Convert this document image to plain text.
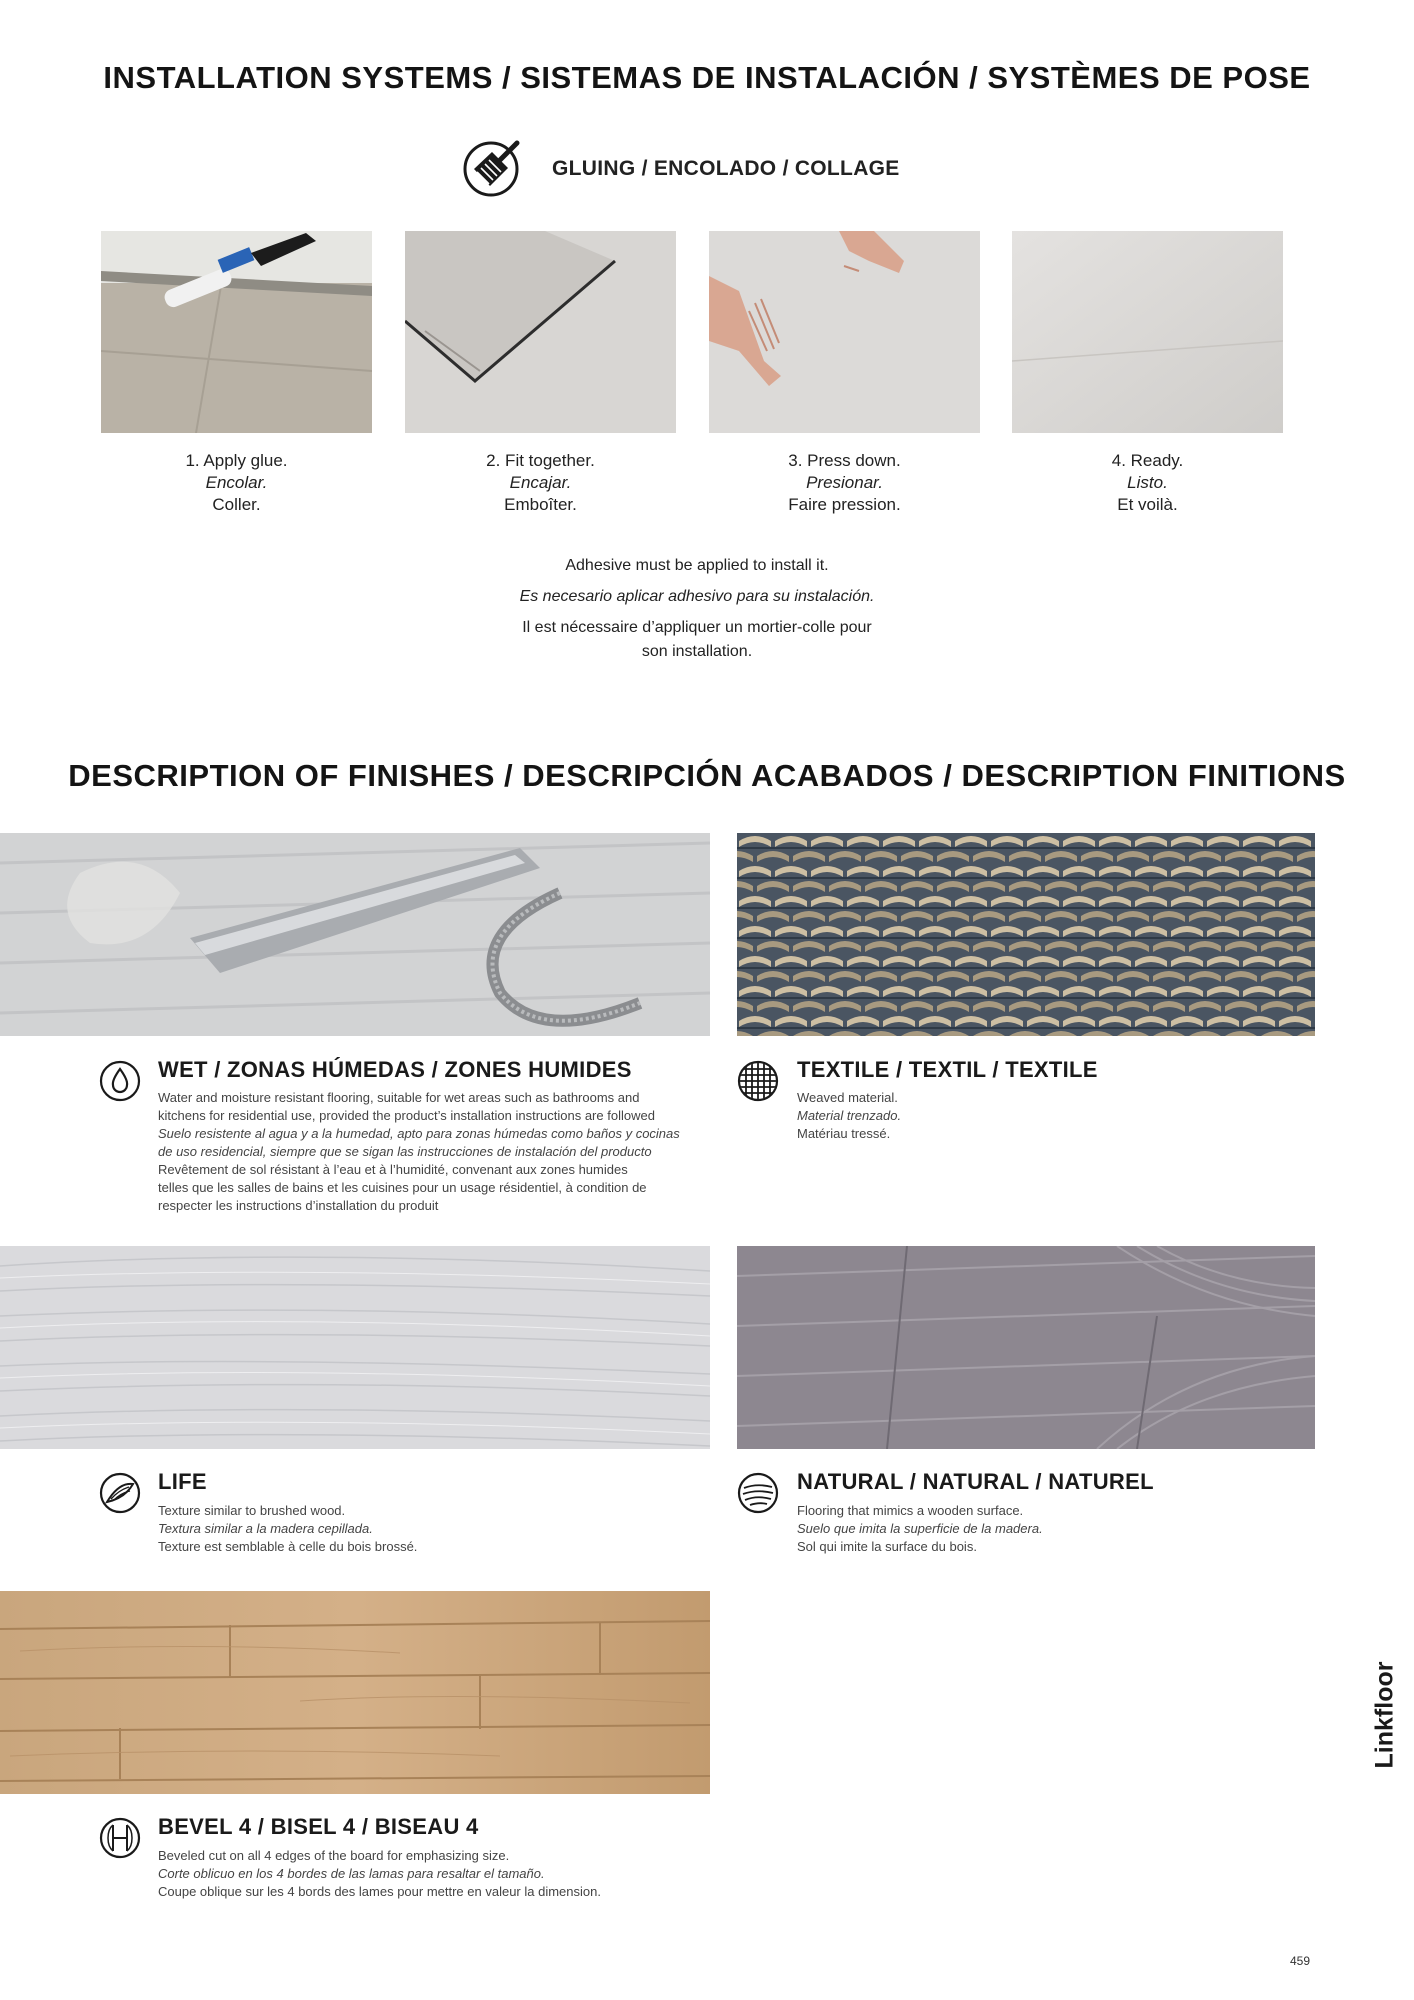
INSTALLATION SYSTEMS / SISTEMAS DE INSTALACIÓN / SYSTÈMES DE POSE
GLUING / ENCOLADO / COLLAGE
1. Apply glue.
Encolar.
Coller.
2. Fit together.
Encajar.
Emboîter.
3. Press down.
Presionar.
Faire pression.
4. Ready.
Listo.
Et voilà.
Adhesive must be applied to install it.
Es necesario aplicar adhesivo para su instalación.
Il est nécessaire d’appliquer un mortier-colle pour
son installation.
DESCRIPTION OF FINISHES / DESCRIPCIÓN ACABADOS / DESCRIPTION FINITIONS
WET / ZONAS HÚMEDAS / ZONES HUMIDES
Water and moisture resistant flooring, suitable for wet areas such as bathrooms and
kitchens for residential use, provided the product’s installation instructions are followed
Suelo resistente al agua y a la humedad, apto para zonas húmedas como baños y cocinas
de uso residencial, siempre que se sigan las instrucciones de instalación del producto
Revêtement de sol résistant à l’eau et à l’humidité, convenant aux zones humides
telles que les salles de bains et les cuisines pour un usage résidentiel, à condition de
respecter les instructions d’installation du produit
TEXTILE / TEXTIL / TEXTILE
Weaved material.
Material trenzado.
Matériau tressé.
LIFE
Texture similar to brushed wood.
Textura similar a la madera cepillada.
Texture est semblable à celle du bois brossé.
NATURAL / NATURAL / NATUREL
Flooring that mimics a wooden surface.
Suelo que imita la superficie de la madera.
Sol qui imite la surface du bois.
BEVEL 4 / BISEL 4 / BISEAU 4
Beveled cut on all 4 edges of the board for emphasizing size.
Corte oblicuo en los 4 bordes de las lamas para resaltar el tamaño.
Coupe oblique sur les 4 bords des lames pour mettre en valeur la dimension.
Linkfloor
459
